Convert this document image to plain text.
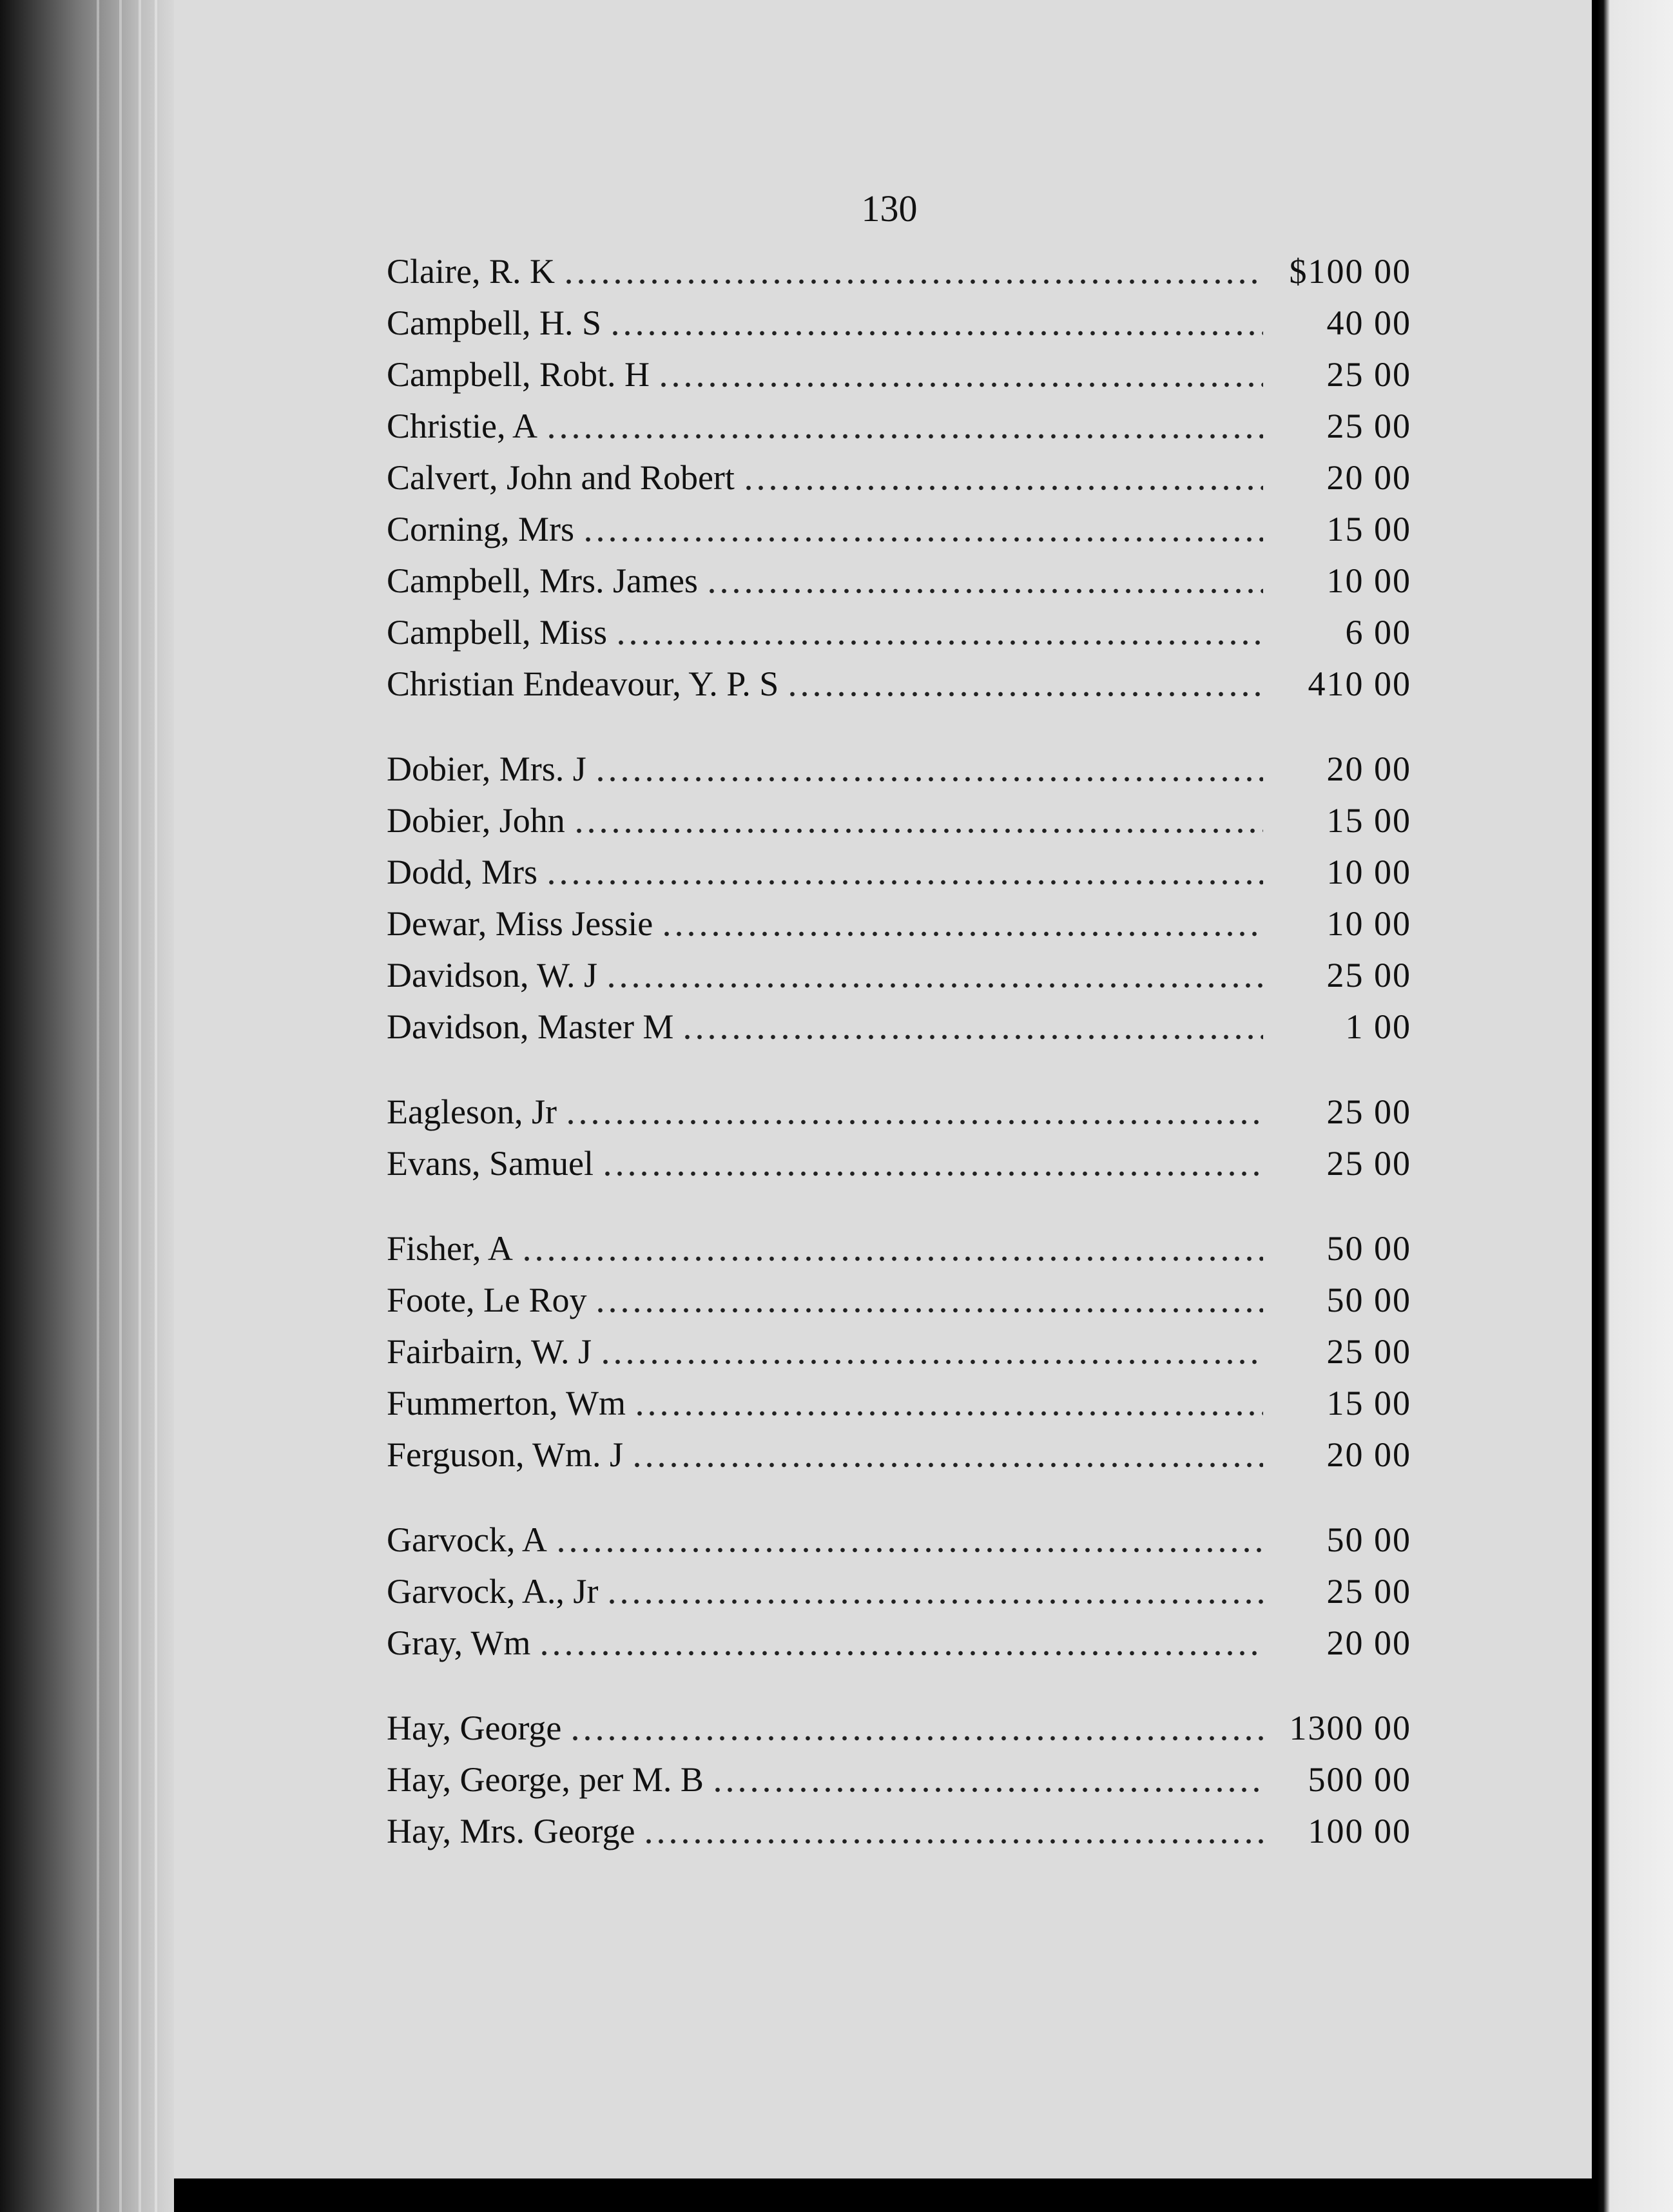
130
Claire, R. K	$100 00
Campbell, H. S	40 00
Campbell, Robt. H	25 00
Christie, A	25 00
Calvert, John and Robert	20 00
Corning, Mrs	15 00
Campbell, Mrs. James	10 00
Campbell, Miss	6 00
Christian Endeavour, Y. P. S	410 00
Dobier, Mrs. J	20 00
Dobier, John	15 00
Dodd, Mrs	10 00
Dewar, Miss Jessie	10 00
Davidson, W. J	25 00
Davidson, Master M	1 00
Eagleson, Jr	25 00
Evans, Samuel	25 00
Fisher, A	50 00
Foote, Le Roy	50 00
Fairbairn, W. J	25 00
Fummerton, Wm	15 00
Ferguson, Wm. J	20 00
Garvock, A	50 00
Garvock, A., Jr	25 00
Gray, Wm	20 00
Hay, George	1300 00
Hay, George, per M. B	500 00
Hay, Mrs. George	100 00
